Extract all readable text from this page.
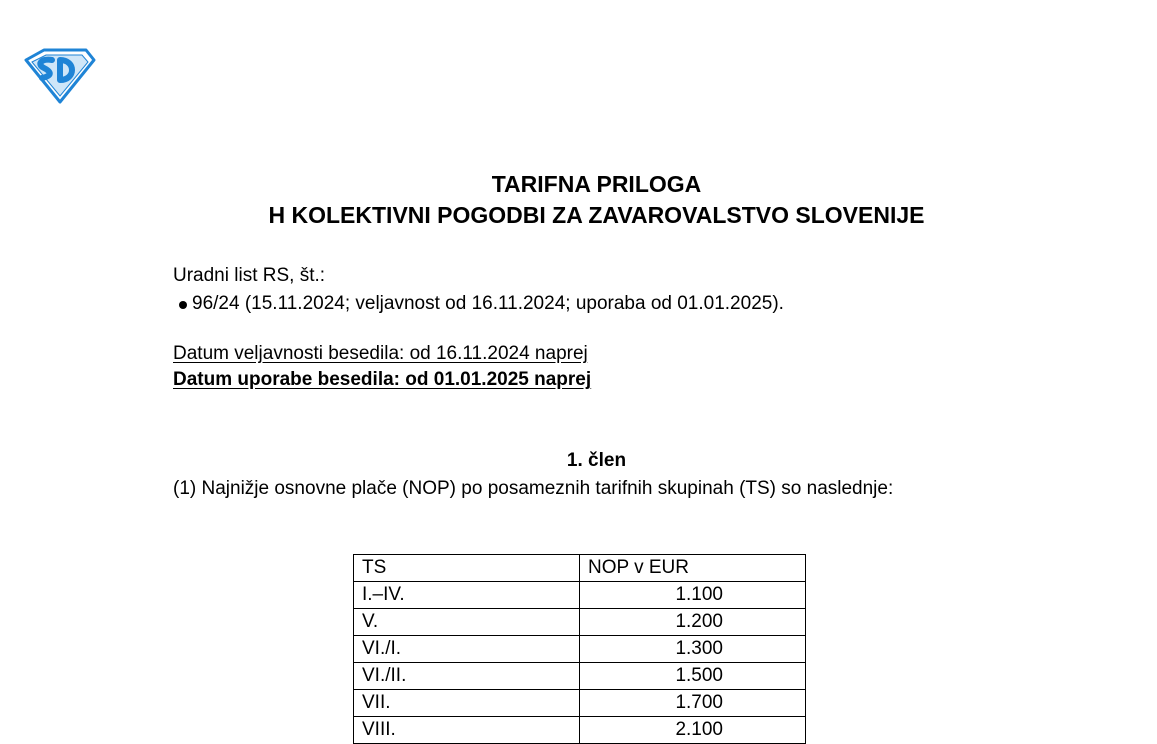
TARIFNA PRILOGA
H KOLEKTIVNI POGODBI ZA ZAVAROVALSTVO SLOVENIJE
Uradni list RS, št.:
96/24 (15.11.2024; veljavnost od 16.11.2024; uporaba od 01.01.2025).
Datum veljavnosti besedila: od 16.11.2024 naprej
Datum uporabe besedila: od 01.01.2025 naprej
1. člen
(1) Najnižje osnovne plače (NOP) po posameznih tarifnih skupinah (TS) so naslednje:
TS	NOP v EUR
I.–IV.	1.100
V.	1.200
VI./I.	1.300
VI./II.	1.500
VII.	1.700
VIII.	2.100
